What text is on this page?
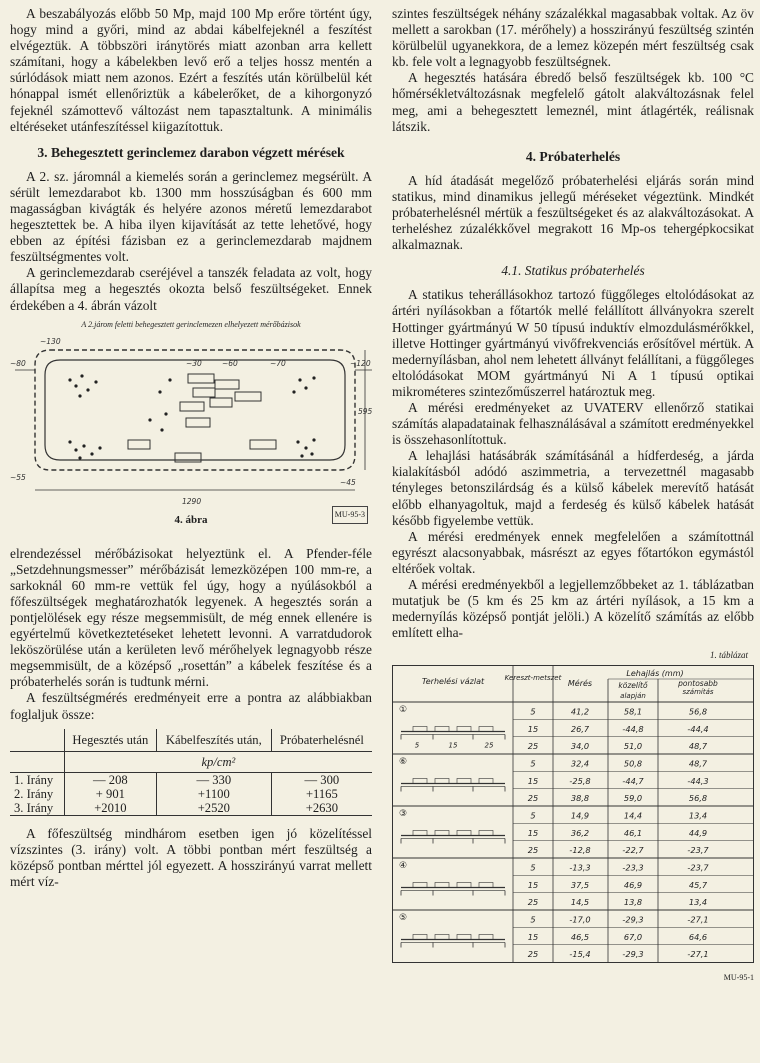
A beszabályozás előbb 50 Mp, majd 100 Mp erőre történt úgy, hogy mind a győri, mind az abdai kábelfejeknél a feszítést elvégeztük. A többszöri iránytörés miatt azonban arra kellett számítani, hogy a kábelekben levő erő a teljes hossz mentén a súrlódások miatt nem azonos. Ezért a feszítés után körülbelül két hónappal ismét ellenőriztük a kábelerőket, de a kihorgonyzó fejeknél számottevő változást nem tapasztaltunk. A minimális eltéréseket utánfeszítéssel kiigazítottuk.

3. Behegesztett gerinclemez darabon végzett mérések

A 2. sz. járomnál a kiemelés során a gerinclemez megsérült. A sérült lemezdarabot kb. 1300 mm hosszúságban és 600 mm magasságban kivágták és helyére azonos méretű lemezdarabot hegesztettek be. A hiba ilyen kijavítását az tette lehetővé, hogy ebben az építési fázisban ez a gerinclemezdarab majdnem feszültségmentes volt.

A gerinclemezdarab cseréjével a tanszék feladata az volt, hogy állapítsa meg a hegesztés okozta belső feszültségeket. Ennek érdekében a 4. ábrán vázolt

A 2.járom feletti behegesztett gerinclemezen elhelyezett mérőbázisok
~130
~80	~120
~55
~45
595
1290
~60
~30	~70
4. ábra	MU-95-3

elrendezéssel mérőbázisokat helyeztünk el. A Pfender-féle „Setzdehnungsmesser” mérőbázisát lemezközépen 100 mm-re, a sarkoknál 60 mm-re vettük fel úgy, hogy a nyúlásokból a főfeszültségek meghatározhatók legyenek. A hegesztés során a pontjelölések egy része megsemmisült, de még ennek ellenére is egyértelmű következtetéseket lehetett levonni. A varratdudorok leköszörülése után a kerületen levő mérőhelyek legnagyobb része megsemmisült, de a középső „rosettán” a kábelek feszítése és a próbaterhelés során is tudtunk mérni.

A feszültségmérés eredményeit erre a pontra az alábbiakban foglaljuk össze:

	Hegesztés után	Kábelfeszítés után,	Próbaterhelésnél
	kp/cm²		
1. Irány	— 208	— 330	— 300
2. Irány	+ 901	+1100	+1165
3. Irány	+2010	+2520	+2630

A főfeszültség mindhárom esetben igen jó közelítéssel vízszintes (3. irány) volt. A többi pontban mért feszültség a középső pontban mérttel jól egyezett. A hosszirányú varrat mellett mért víz-

szintes feszültségek néhány százalékkal magasabbak voltak. Az öv mellett a sarokban (17. mérőhely) a hosszirányú feszültség szintén körülbelül ugyanekkora, de a lemez közepén mért feszültség csak kb. fele volt a legnagyobb feszültségnek.

A hegesztés hatására ébredő belső feszültségek kb. 100 °C hőmérsékletváltozásnak megfelelő gátolt alakváltozásnak felel meg, ami a behegesztett lemeznél, mint átlagérték, reálisnak látszik.

4. Próbaterhelés

A híd átadását megelőző próbaterhelési eljárás során mind statikus, mind dinamikus jellegű méréseket végeztünk. Mindkét próbaterhelésnél mértük a feszültségeket és az alakváltozásokat. A terheléshez zúzalékkővel megrakott 16 Mp-os tehergépkocsikat alkalmaznak.

4.1. Statikus próbaterhelés

A statikus teherállásokhoz tartozó függőleges eltolódásokat az ártéri nyílásokban a főtartók mellé felállított állványokra szerelt Hottinger gyártmányú W 50 típusú induktív elmozdulásmérőkkel, illetve Hottinger gyártmányú vivőfrekvenciás erősítővel mértük. A medernyílásban, ahol nem lehetett állványt felállítani, a függőleges eltolódásokat MOM gyártmányú Ni A 1 típusú optikai mikrométeres szintezőműszerrel határoztuk meg.

A mérési eredményeket az UVATERV ellenőrző statikai számítás alapadatainak felhasználásával a számított eredményekkel is összehasonlítottuk.

A lehajlási hatásábrák számításánál a hídferdeség, a járda kialakításból adódó aszimmetria, a tervezettnél magasabb tényleges betonszilárdság és a külső kábelek merevítő hatását előbb elhanyagoltuk, majd a ferdeség és külső kábelek hatását később figyelembe vettük.

A mérési eredmények ennek megfelelően a számítottnál egyrészt alacsonyabbak, másrészt az egyes főtartókon egymástól eltérőek voltak.

A mérési eredményekből a legjellemzőbbeket az 1. táblázatban mutatjuk be (5 km és 25 km az ártéri nyílások, a 15 km a medernyílás középső pontját jelöli.) A közelítő számítás az előbb említett elha-

1. táblázat
Terhelési vázlat	Kereszt-metszet
Mérés
Lehajlás (mm)
közelítő	pontosabb
számítás
alapján
①
5	15	25
5	41,2	58,1	56,8
15	26,7	-44,8	-44,4
25	34,0	51,0	48,7
⑥	5	32,4	50,8	48,7
15	-25,8	-44,7	-44,3
25	38,8	59,0	56,8
③	5	14,9	14,4	13,4
15	36,2	46,1	44,9
25	-12,8	-22,7	-23,7
④	5	-13,3	-23,3	-23,7
15	37,5	46,9	45,7
25	14,5	13,8	13,4
⑤	5	-17,0	-29,3	-27,1
15	46,5	67,0	64,6
25	-15,4	-29,3	-27,1
MU-95-1
